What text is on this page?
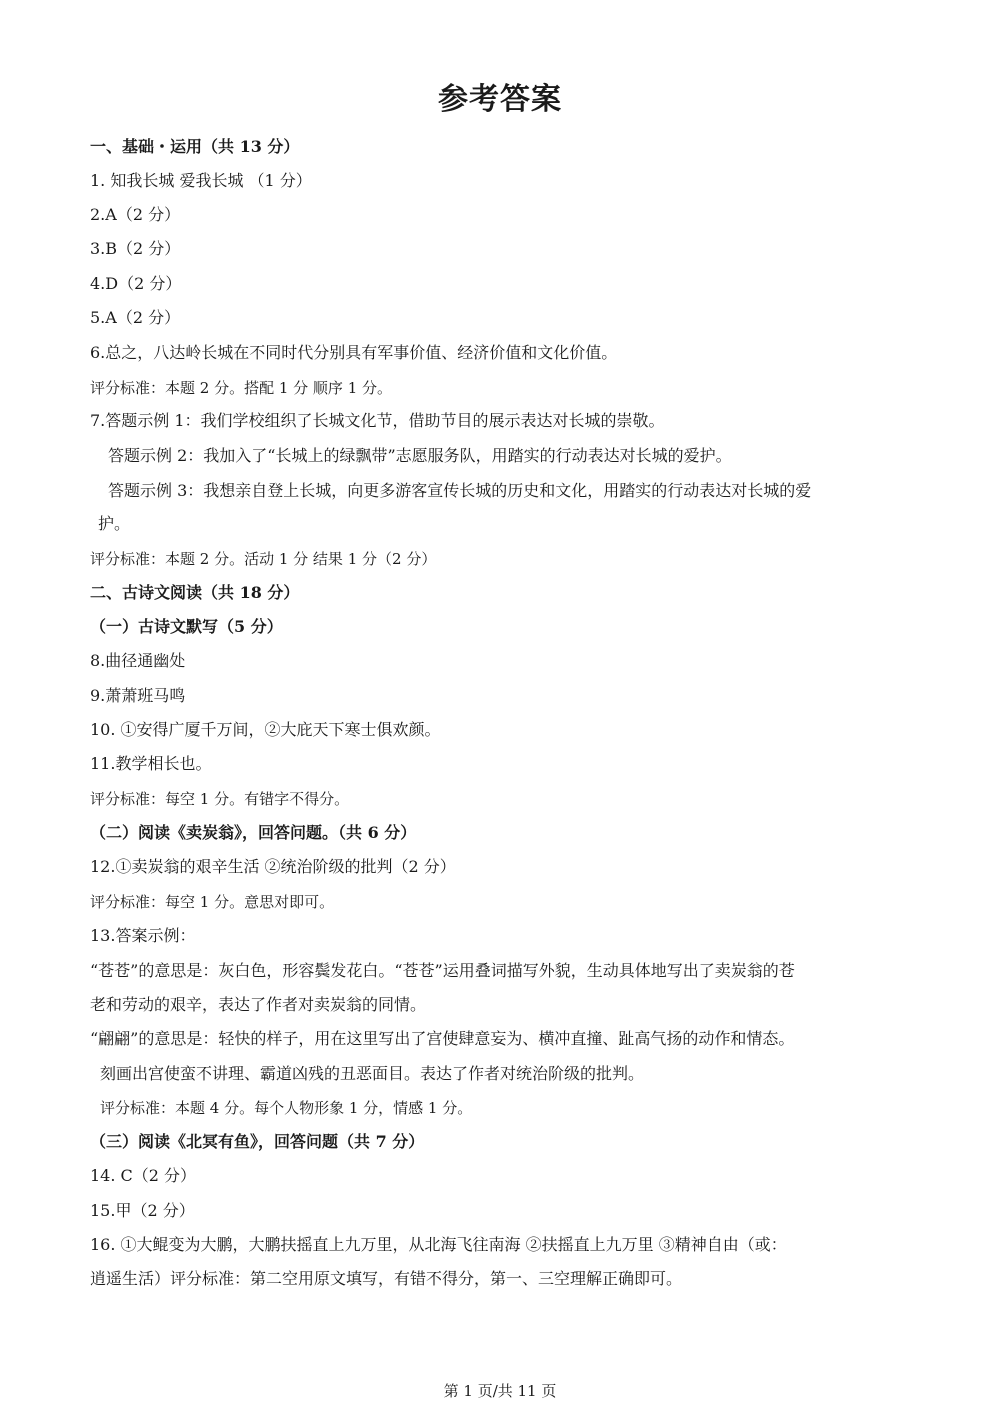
参考答案
一、基础・运用（共 13 分）
1. 知我长城 爱我长城 （1 分）
2.A（2 分）
3.B（2 分）
4.D（2 分）
5.A（2 分）
6.总之，八达岭长城在不同时代分别具有军事价值、经济价值和文化价值。
评分标准：本题 2 分。搭配 1 分 顺序 1 分。
7.答题示例 1：我们学校组织了长城文化节，借助节目的展示表达对长城的崇敬。
答题示例 2：我加入了“长城上的绿飘带”志愿服务队，用踏实的行动表达对长城的爱护。
答题示例 3：我想亲自登上长城，向更多游客宣传长城的历史和文化，用踏实的行动表达对长城的爱
护。
评分标准：本题 2 分。活动 1 分 结果 1 分（2 分）
二、古诗文阅读（共 18 分）
（一）古诗文默写（5 分）
8.曲径通幽处
9.萧萧班马鸣
10. ①安得广厦千万间，②大庇天下寒士俱欢颜。
11.教学相长也。
评分标准：每空 1 分。有错字不得分。
（二）阅读《卖炭翁》，回答问题。（共 6 分）
12.①卖炭翁的艰辛生活 ②统治阶级的批判（2 分）
评分标准：每空 1 分。意思对即可。
13.答案示例：
“苍苍”的意思是：灰白色，形容鬓发花白。“苍苍”运用叠词描写外貌，生动具体地写出了卖炭翁的苍
老和劳动的艰辛，表达了作者对卖炭翁的同情。
“翩翩”的意思是：轻快的样子，用在这里写出了宫使肆意妄为、横冲直撞、趾高气扬的动作和情态。
刻画出宫使蛮不讲理、霸道凶残的丑恶面目。表达了作者对统治阶级的批判。
评分标准：本题 4 分。每个人物形象 1 分，情感 1 分。
（三）阅读《北冥有鱼》，回答问题（共 7 分）
14. C（2 分）
15.甲（2 分）
16. ①大鲲变为大鹏，大鹏扶摇直上九万里，从北海飞往南海 ②扶摇直上九万里 ③精神自由（或：
逍遥生活）评分标准：第二空用原文填写，有错不得分，第一、三空理解正确即可。
第 1 页/共 11 页
